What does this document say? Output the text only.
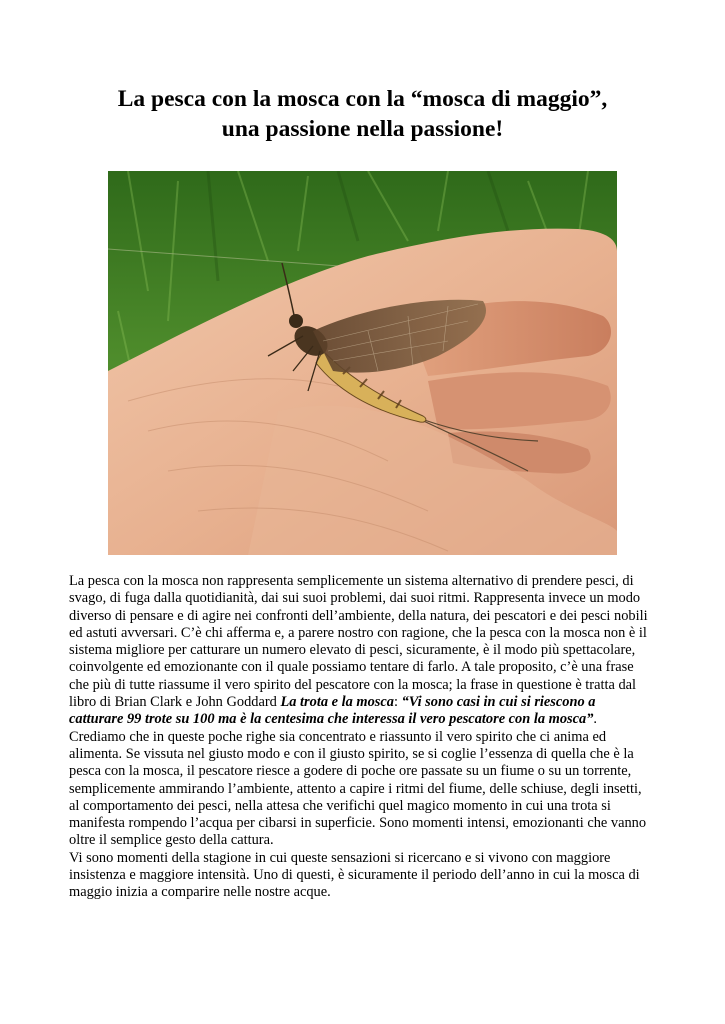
La pesca con la mosca con la “mosca di maggio”,
una passione nella passione!

La pesca con la mosca non rappresenta semplicemente un sistema alternativo di prendere pesci, di

svago, di fuga dalla quotidianità, dai sui suoi problemi, dai suoi ritmi. Rappresenta invece un modo

diverso di pensare e di agire nei confronti dell’ambiente, della natura, dei pescatori e dei pesci nobili

ed astuti avversari. C’è chi afferma e, a parere nostro con ragione, che la pesca con la mosca non è il

sistema migliore per catturare un numero elevato di pesci, sicuramente, è il modo più spettacolare,

coinvolgente ed emozionante con il quale possiamo tentare di farlo. A tale proposito, c’è una frase

che più di tutte riassume il vero spirito del pescatore con la mosca; la frase in questione è tratta dal

libro di Brian Clark e John Goddard La trota e la mosca: “Vi sono casi in cui si riescono a

catturare 99 trote su 100 ma è la centesima che interessa il vero pescatore con la mosca”.

Crediamo che in queste poche righe sia concentrato e riassunto il vero spirito che ci anima ed

alimenta. Se vissuta nel giusto modo e con il giusto spirito, se si coglie l’essenza di quella che è la

pesca con la mosca, il pescatore riesce a godere di poche ore passate su un fiume o su un torrente,

semplicemente ammirando l’ambiente, attento a capire i ritmi del fiume, delle schiuse, degli insetti,

al comportamento dei pesci, nella attesa che verifichi quel magico momento in cui una trota si

manifesta rompendo l’acqua per cibarsi in superficie. Sono momenti intensi, emozionanti che vanno

oltre il semplice gesto della cattura.

Vi sono momenti della stagione in cui queste sensazioni si ricercano e si vivono con maggiore

insistenza e maggiore intensità. Uno di questi, è sicuramente il periodo dell’anno in cui la mosca di

maggio inizia a comparire nelle nostre acque.
